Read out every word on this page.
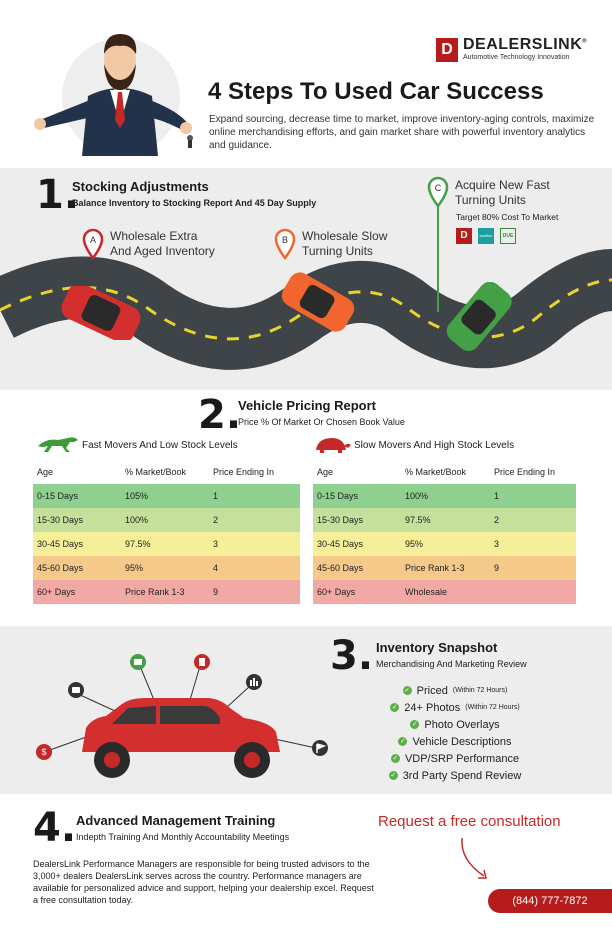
D DEALERSLINK®
Automotive Technology Innovation
4 Steps To Used Car Success
Expand sourcing, decrease time to market, improve inventory-aging controls, maximize online merchandising efforts, and gain market share with powerful inventory analytics and guidance.
1.
Stocking Adjustments
Balance Inventory to Stocking Report And 45 Day Supply
A Wholesale Extra
And Aged Inventory
B Wholesale Slow
Turning Units
C Acquire New Fast
Turning Units
Target 80% Cost To Market
D	auction	DUE
2.
Vehicle Pricing Report
Price % Of Market Or Chosen Book Value
Fast Movers And Low Stock Levels	Slow Movers And High Stock Levels
Age	% Market/Book	Price Ending In
0-15 Days	105%	1
15-30 Days	100%	2
30-45 Days	97.5%	3
45-60 Days	95%	4
60+ Days	Price Rank 1-3	9
Age	% Market/Book	Price Ending In
0-15 Days	100%	1
15-30 Days	97.5%	2
30-45 Days	95%	3
45-60 Days	Price Rank 1-3	9
60+ Days	Wholesale	
$
3. Inventory Snapshot
Merchandising And Marketing Review
✓ Priced (Within 72 Hours)
✓ 24+ Photos (Within 72 Hours)
✓ Photo Overlays
✓ Vehicle Descriptions
✓ VDP/SRP Performance
✓ 3rd Party Spend Review
4. Advanced Management Training
Indepth Training And Monthly Accountability Meetings
DealersLink Performance Managers are responsible for being trusted advisors to the 3,000+ dealers DealersLink serves across the country. Performance managers are available for personalized advice and support, helping your dealership excel. Request a free consultation today.
Request a free consultation
(844) 777-7872
